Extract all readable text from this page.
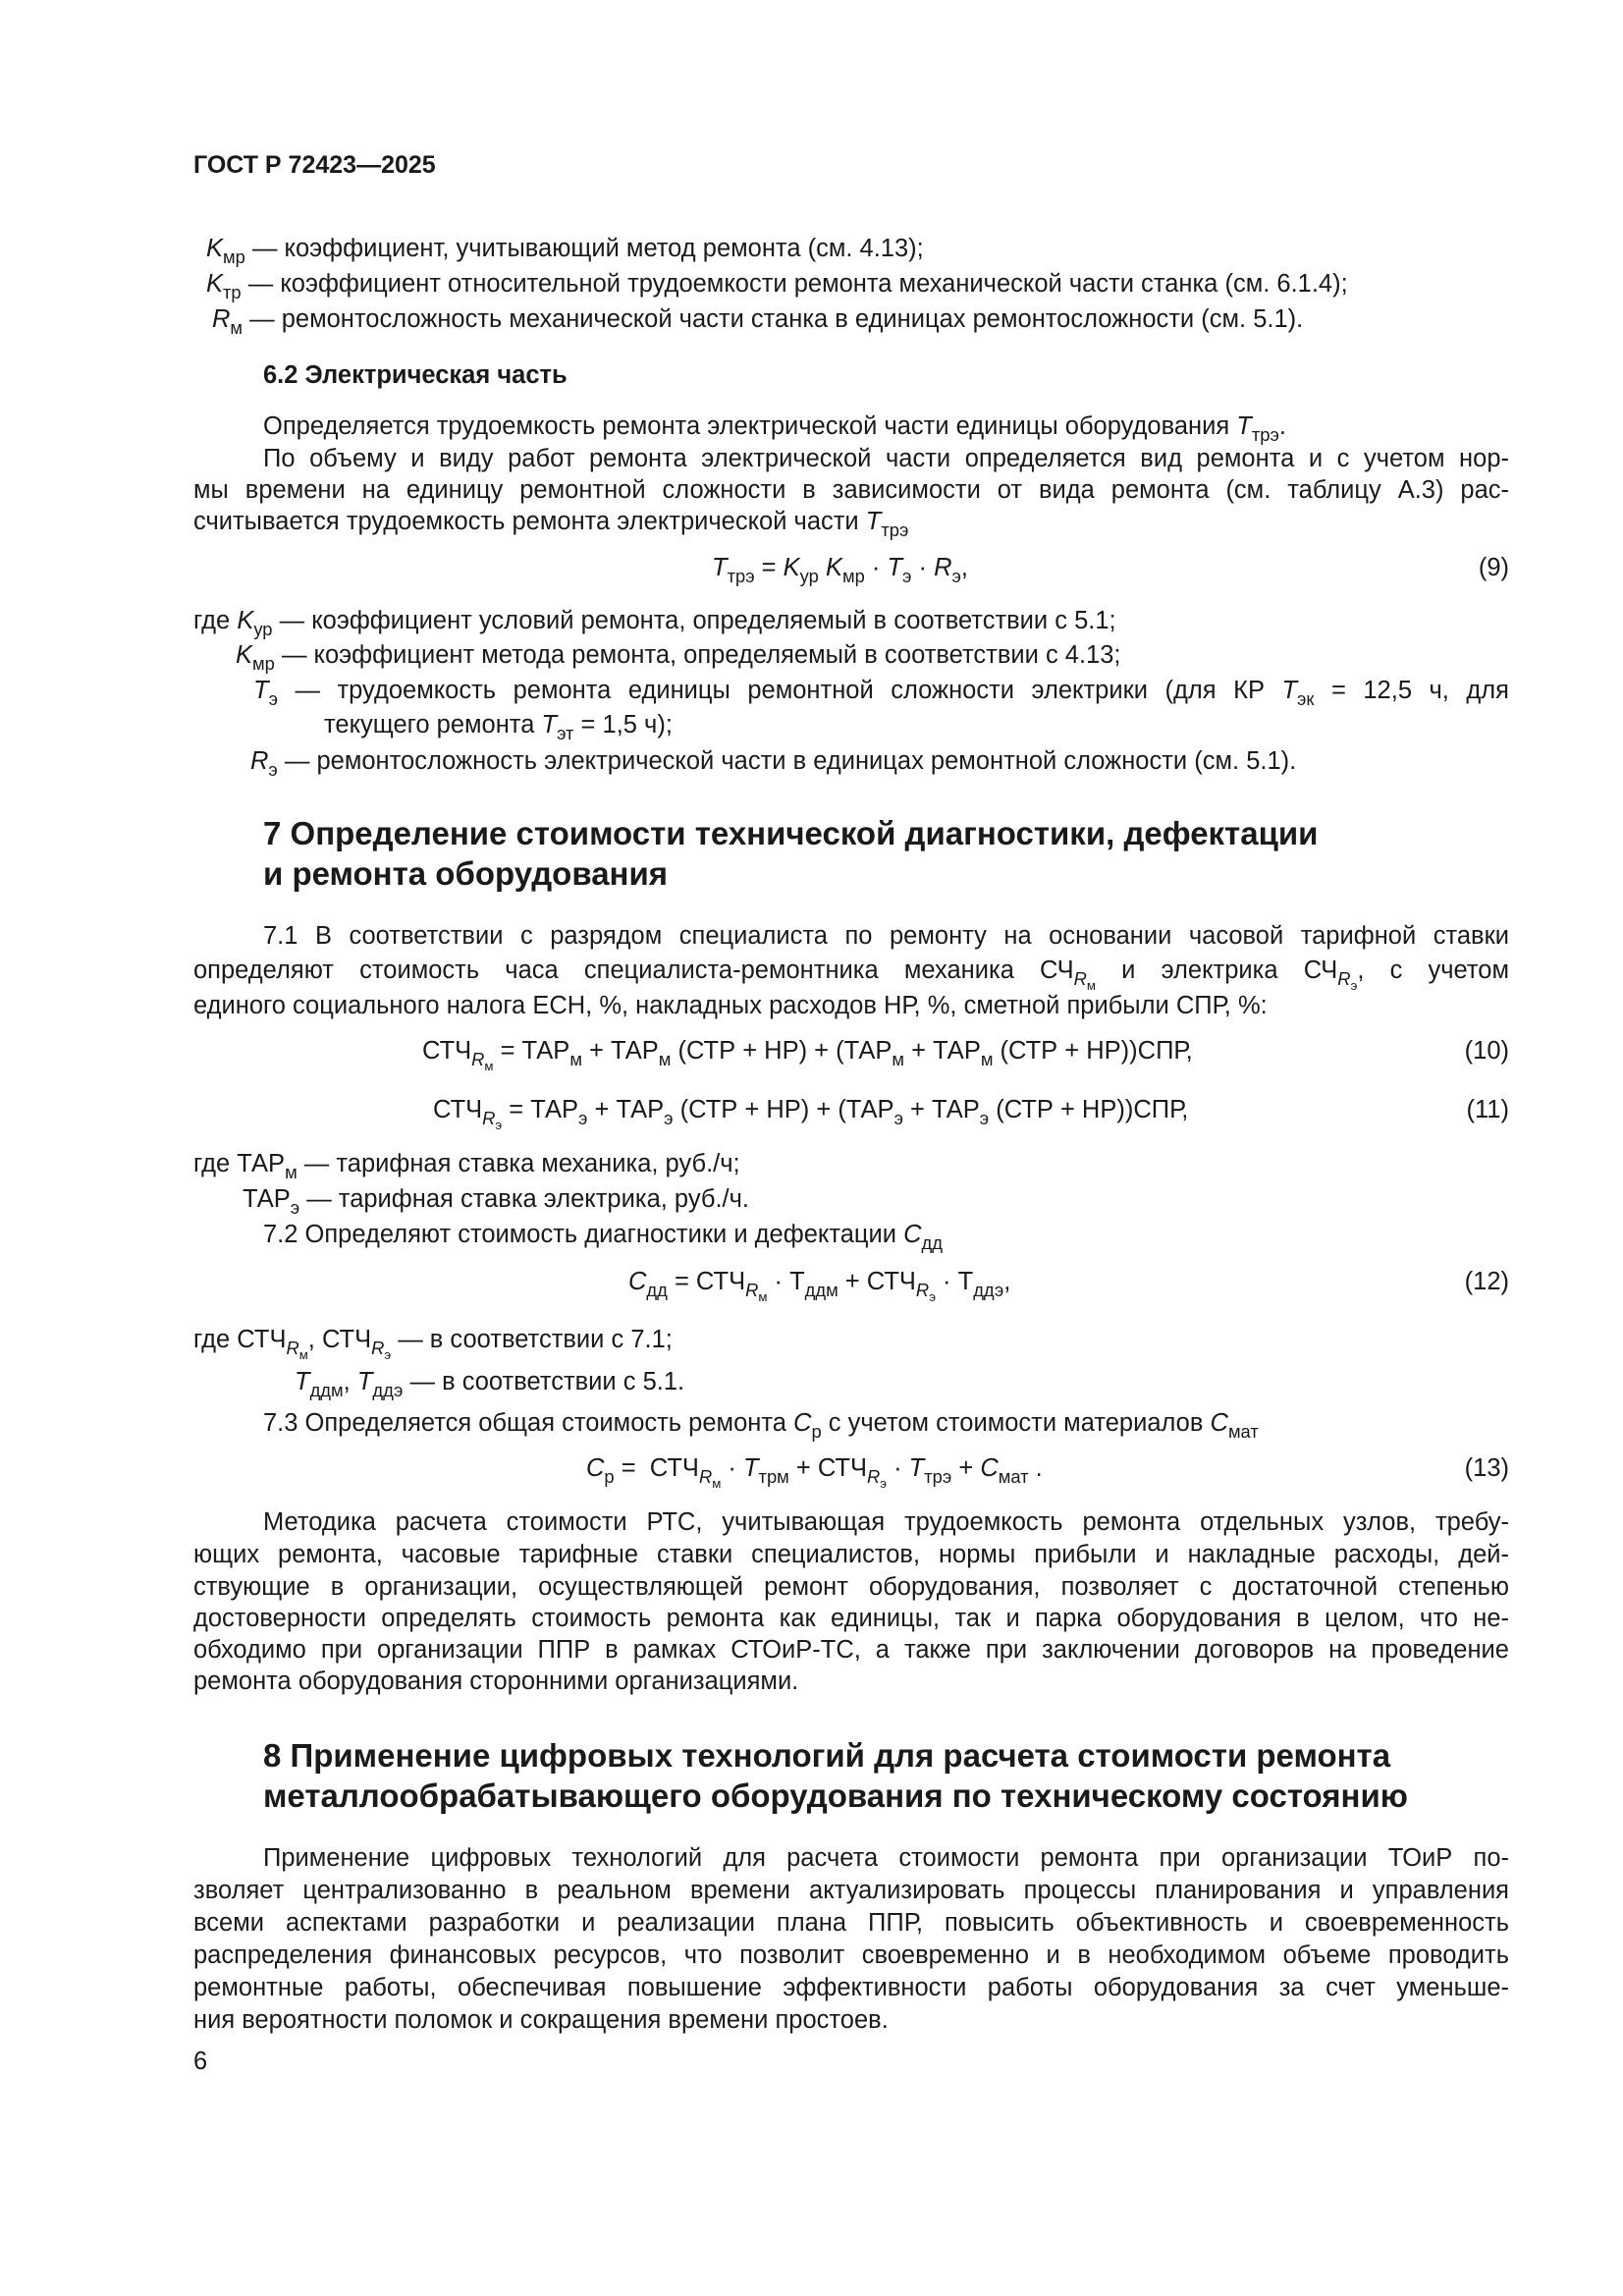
ГОСТ Р 72423—2025
$K_{мр}$ — коэффициент, учитывающий метод ремонта (см. 4.13);
$K_{тр}$ — коэффициент относительной трудоемкости ремонта механической части станка (см. 6.1.4);
$R_м$ — ремонтосложность механической части станка в единицах ремонтосложности (см. 5.1).
6.2 Электрическая часть
Определяется трудоемкость ремонта электрической части единицы оборудования $T_{трэ}$.
По объему и виду работ ремонта электрической части определяется вид ремонта и с учетом нор-
мы времени на единицу ремонтной сложности в зависимости от вида ремонта (см. таблицу А.3) рас-
считывается трудоемкость ремонта электрической части $T_{трэ}$
$T_{трэ} = K_{ур}$ $K_{мр} \cdot T_э \cdot R_э$,	(9)
где $K_{ур}$ — коэффициент условий ремонта, определяемый в соответствии с 5.1;
$K_{мр}$ — коэффициент метода ремонта, определяемый в соответствии с 4.13;
$T_э$ — трудоемкость ремонта единицы ремонтной сложности электрики (для КР $T_{эк} = 12,5$ ч, для
текущего ремонта $T_{эт} = 1,5$ ч);
$R_э$ — ремонтосложность электрической части в единицах ремонтной сложности (см. 5.1).
7 Определение стоимости технической диагностики, дефектации
и ремонта оборудования
7.1 В соответствии с разрядом специалиста по ремонту на основании часовой тарифной ставки
определяют стоимость часа специалиста-ремонтника механика $СЧ_{R_м}$ и электрика $СЧ_{R_э}$, с учетом
единого социального налога ЕСН, %, накладных расходов НР, %, сметной прибыли СПР, %:
$СТЧ_{R_м} = ТАР_м + ТАР_м$ $(СТР + НР) + (ТАР_м + ТАР_м$ (СТР + НР))СПР,	(10)
$СТЧ_{R_э} = ТАР_э + ТАР_э$ $(СТР + НР) + (ТАР_э + ТАР_э$ (СТР + НР))СПР,	(11)
где $ТАР_м$ — тарифная ставка механика, руб./ч;
$ТАР_э$ — тарифная ставка электрика, руб./ч.
7.2 Определяют стоимость диагностики и дефектации $C_{дд}$
$C_{дд} = СТЧ_{R_м} \cdot Т_{ддм} + СТЧ_{R_э} \cdot Т_{ддэ}$,	(12)
где $СТЧ_{R_м}$, $СТЧ_{R_э}$ — в соответствии с 7.1;
$T_{ддм}$, $T_{ддэ}$ — в соответствии с 5.1.
7.3 Определяется общая стоимость ремонта $C_р$ с учетом стоимости материалов $C_{мат}$
$C_р = СТЧ_{R_м} \cdot T_{трм} + СТЧ_{R_э} \cdot T_{трэ} + C_{мат}$ .	(13)
Методика расчета стоимости РТС, учитывающая трудоемкость ремонта отдельных узлов, требу-
ющих ремонта, часовые тарифные ставки специалистов, нормы прибыли и накладные расходы, дей-
ствующие в организации, осуществляющей ремонт оборудования, позволяет с достаточной степенью
достоверности определять стоимость ремонта как единицы, так и парка оборудования в целом, что не-
обходимо при организации ППР в рамках СТОиР-ТС, а также при заключении договоров на проведение
ремонта оборудования сторонними организациями.
8 Применение цифровых технологий для расчета стоимости ремонта
металлообрабатывающего оборудования по техническому состоянию
Применение цифровых технологий для расчета стоимости ремонта при организации ТОиР по-
зволяет централизованно в реальном времени актуализировать процессы планирования и управления
всеми аспектами разработки и реализации плана ППР, повысить объективность и своевременность
распределения финансовых ресурсов, что позволит своевременно и в необходимом объеме проводить
ремонтные работы, обеспечивая повышение эффективности работы оборудования за счет уменьше-
ния вероятности поломок и сокращения времени простоев.
6
